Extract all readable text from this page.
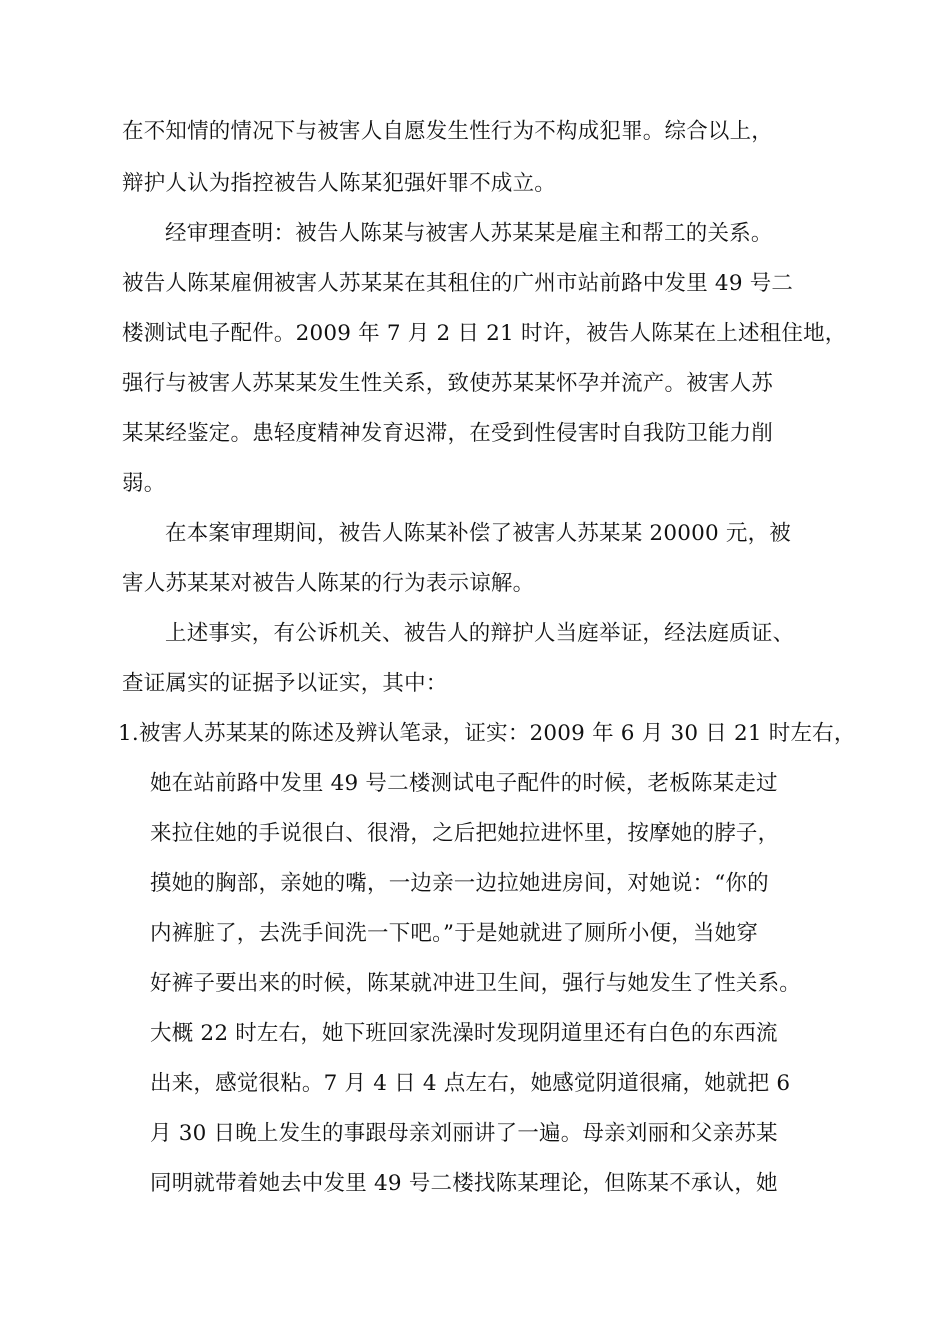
在不知情的情况下与被害人自愿发生性行为不构成犯罪。综合以上，
辩护人认为指控被告人陈某犯强奸罪不成立。
经审理查明：被告人陈某与被害人苏某某是雇主和帮工的关系。
被告人陈某雇佣被害人苏某某在其租住的广州市站前路中发里 49 号二
楼测试电子配件。2009 年 7 月 2 日 21 时许，被告人陈某在上述租住地，
强行与被害人苏某某发生性关系，致使苏某某怀孕并流产。被害人苏
某某经鉴定。患轻度精神发育迟滞，在受到性侵害时自我防卫能力削
弱。
在本案审理期间，被告人陈某补偿了被害人苏某某 20000 元，被
害人苏某某对被告人陈某的行为表示谅解。
上述事实，有公诉机关、被告人的辩护人当庭举证，经法庭质证、
查证属实的证据予以证实，其中：
1.被害人苏某某的陈述及辨认笔录，证实：2009 年 6 月 30 日 21 时左右，
她在站前路中发里 49 号二楼测试电子配件的时候，老板陈某走过
来拉住她的手说很白、很滑，之后把她拉进怀里，按摩她的脖子，
摸她的胸部，亲她的嘴，一边亲一边拉她进房间，对她说：“你的
内裤脏了，去洗手间洗一下吧。”于是她就进了厕所小便，当她穿
好裤子要出来的时候，陈某就冲进卫生间，强行与她发生了性关系。
大概 22 时左右，她下班回家洗澡时发现阴道里还有白色的东西流
出来，感觉很粘。7 月 4 日 4 点左右，她感觉阴道很痛，她就把 6
月 30 日晚上发生的事跟母亲刘丽讲了一遍。母亲刘丽和父亲苏某
同明就带着她去中发里 49 号二楼找陈某理论，但陈某不承认，她
